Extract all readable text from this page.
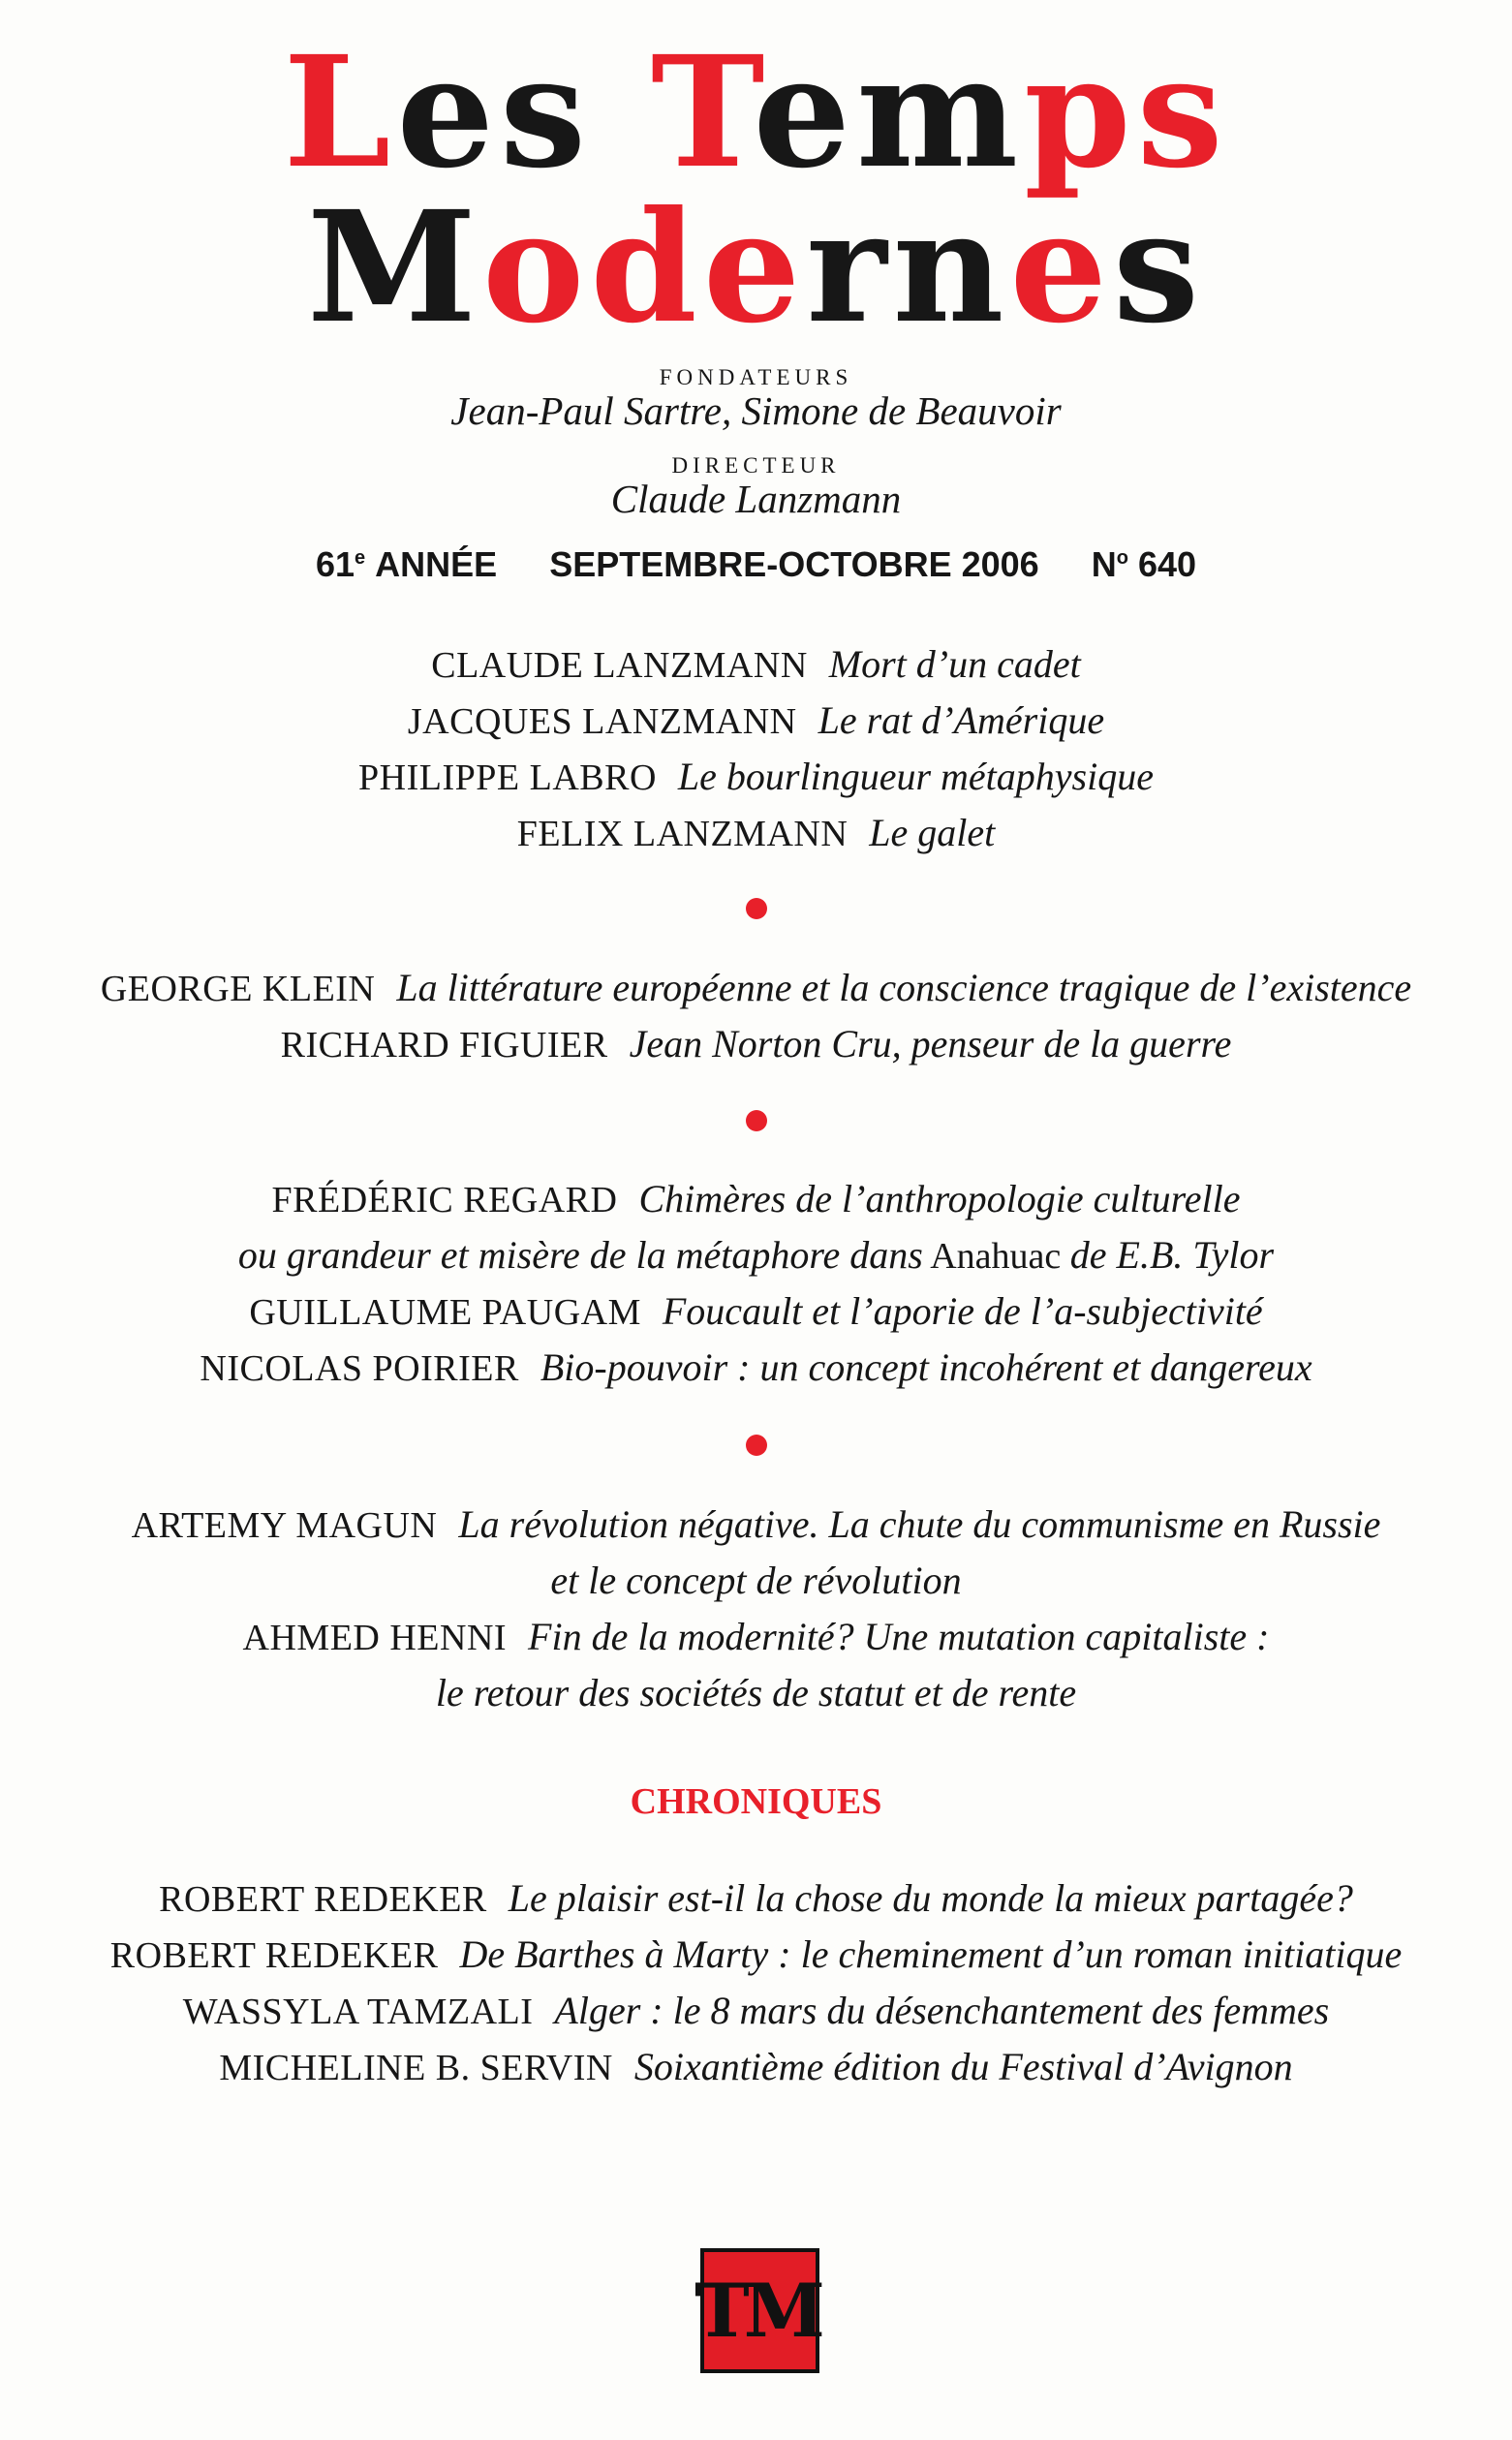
Les Temps
Modernes
FONDATEURS
Jean-Paul Sartre, Simone de Beauvoir
DIRECTEUR
Claude Lanzmann
61e ANNÉE SEPTEMBRE-OCTOBRE 2006 $N^o$ 640
CLAUDE LANZMANN Mort d’un cadet
JACQUES LANZMANN Le rat d’Amérique
PHILIPPE LABRO Le bourlingueur métaphysique
FELIX LANZMANN Le galet
GEORGE KLEIN La littérature européenne et la conscience tragique de l’existence
RICHARD FIGUIER Jean Norton Cru, penseur de la guerre
FRÉDÉRIC REGARD Chimères de l’anthropologie culturelle
ou grandeur et misère de la métaphore dans Anahuac de E.B. Tylor
GUILLAUME PAUGAM Foucault et l’aporie de l’a-subjectivité
NICOLAS POIRIER Bio-pouvoir : un concept incohérent et dangereux
ARTEMY MAGUN La révolution négative. La chute du communisme en Russie
et le concept de révolution
AHMED HENNI Fin de la modernité? Une mutation capitaliste :
le retour des sociétés de statut et de rente
CHRONIQUES
ROBERT REDEKER Le plaisir est-il la chose du monde la mieux partagée?
ROBERT REDEKER De Barthes à Marty : le cheminement d’un roman initiatique
WASSYLA TAMZALI Alger : le 8 mars du désenchantement des femmes
MICHELINE B. SERVIN Soixantième édition du Festival d’Avignon
TM
